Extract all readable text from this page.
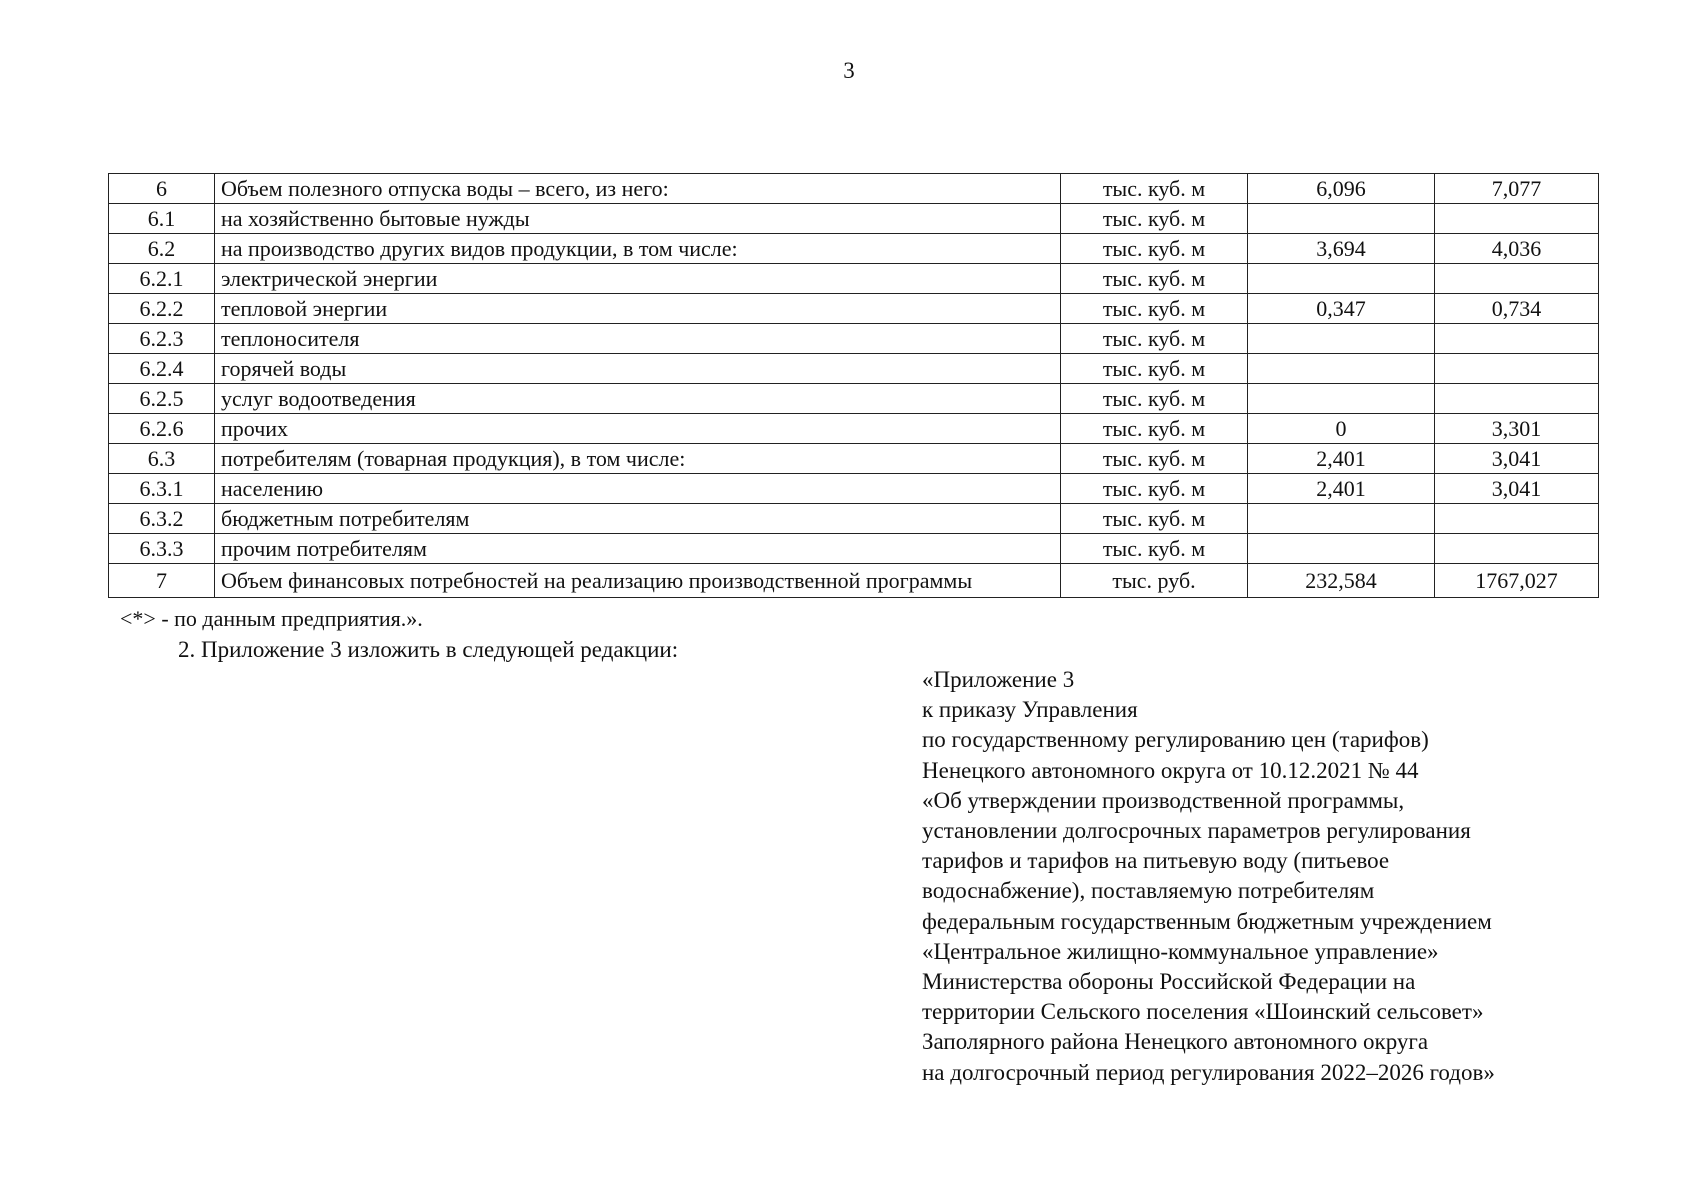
3
6	Объем полезного отпуска воды – всего, из него:	тыс. куб. м	6,096	7,077
6.1	на хозяйственно бытовые нужды	тыс. куб. м		
6.2	на производство других видов продукции, в том числе:	тыс. куб. м	3,694	4,036
6.2.1	электрической энергии	тыс. куб. м		
6.2.2	тепловой энергии	тыс. куб. м	0,347	0,734
6.2.3	теплоносителя	тыс. куб. м		
6.2.4	горячей воды	тыс. куб. м		
6.2.5	услуг водоотведения	тыс. куб. м		
6.2.6	прочих	тыс. куб. м	0	3,301
6.3	потребителям (товарная продукция), в том числе:	тыс. куб. м	2,401	3,041
6.3.1	населению	тыс. куб. м	2,401	3,041
6.3.2	бюджетным потребителям	тыс. куб. м		
6.3.3	прочим потребителям	тыс. куб. м		
7	Объем финансовых потребностей на реализацию производственной программы	тыс. руб.	232,584	1767,027
<*> - по данным предприятия.».
2. Приложение 3 изложить в следующей редакции:
«Приложение 3
к приказу Управления
по государственному регулированию цен (тарифов)
Ненецкого автономного округа от 10.12.2021 № 44
«Об утверждении производственной программы,
установлении долгосрочных параметров регулирования
тарифов и тарифов на питьевую воду (питьевое
водоснабжение), поставляемую потребителям
федеральным государственным бюджетным учреждением
«Центральное жилищно-коммунальное управление»
Министерства обороны Российской Федерации на
территории Сельского поселения «Шоинский сельсовет»
Заполярного района Ненецкого автономного округа
на долгосрочный период регулирования 2022–2026 годов»
